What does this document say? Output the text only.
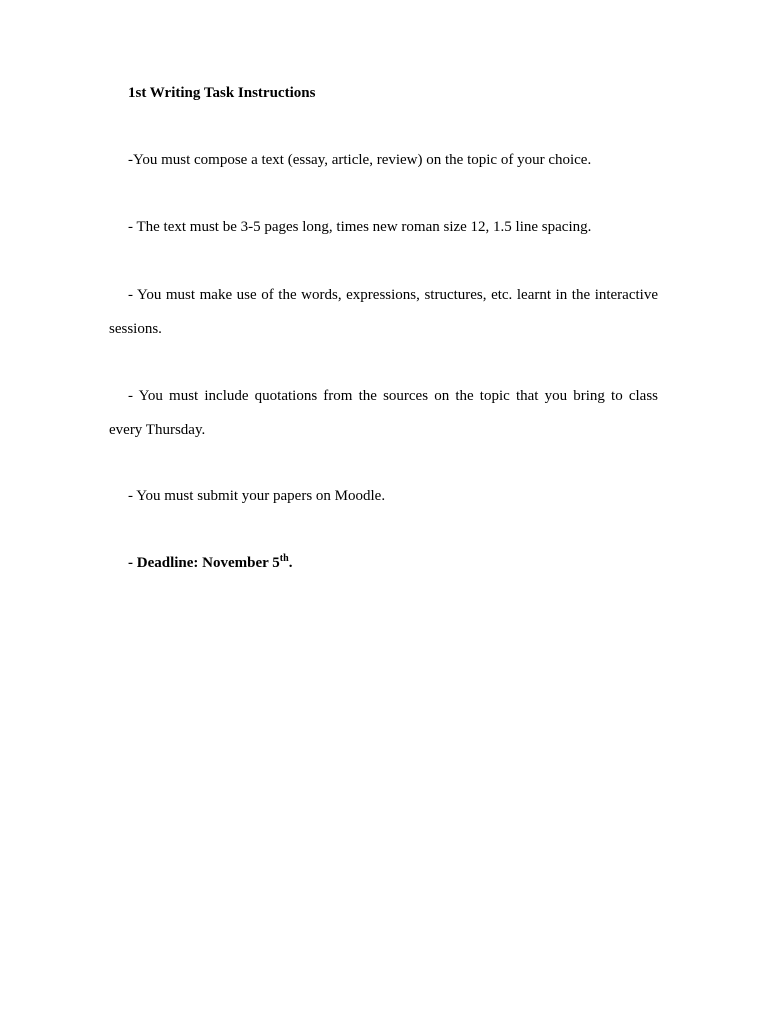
1st Writing Task Instructions

-You must compose a text (essay, article, review) on the topic of your choice.

- The text must be 3-5 pages long, times new roman size 12, 1.5 line spacing.

- You must make use of the words, expressions, structures, etc. learnt in the interactive sessions.

- You must include quotations from the sources on the topic that you bring to class every Thursday.

- You must submit your papers on Moodle.

- Deadline: November 5th.
